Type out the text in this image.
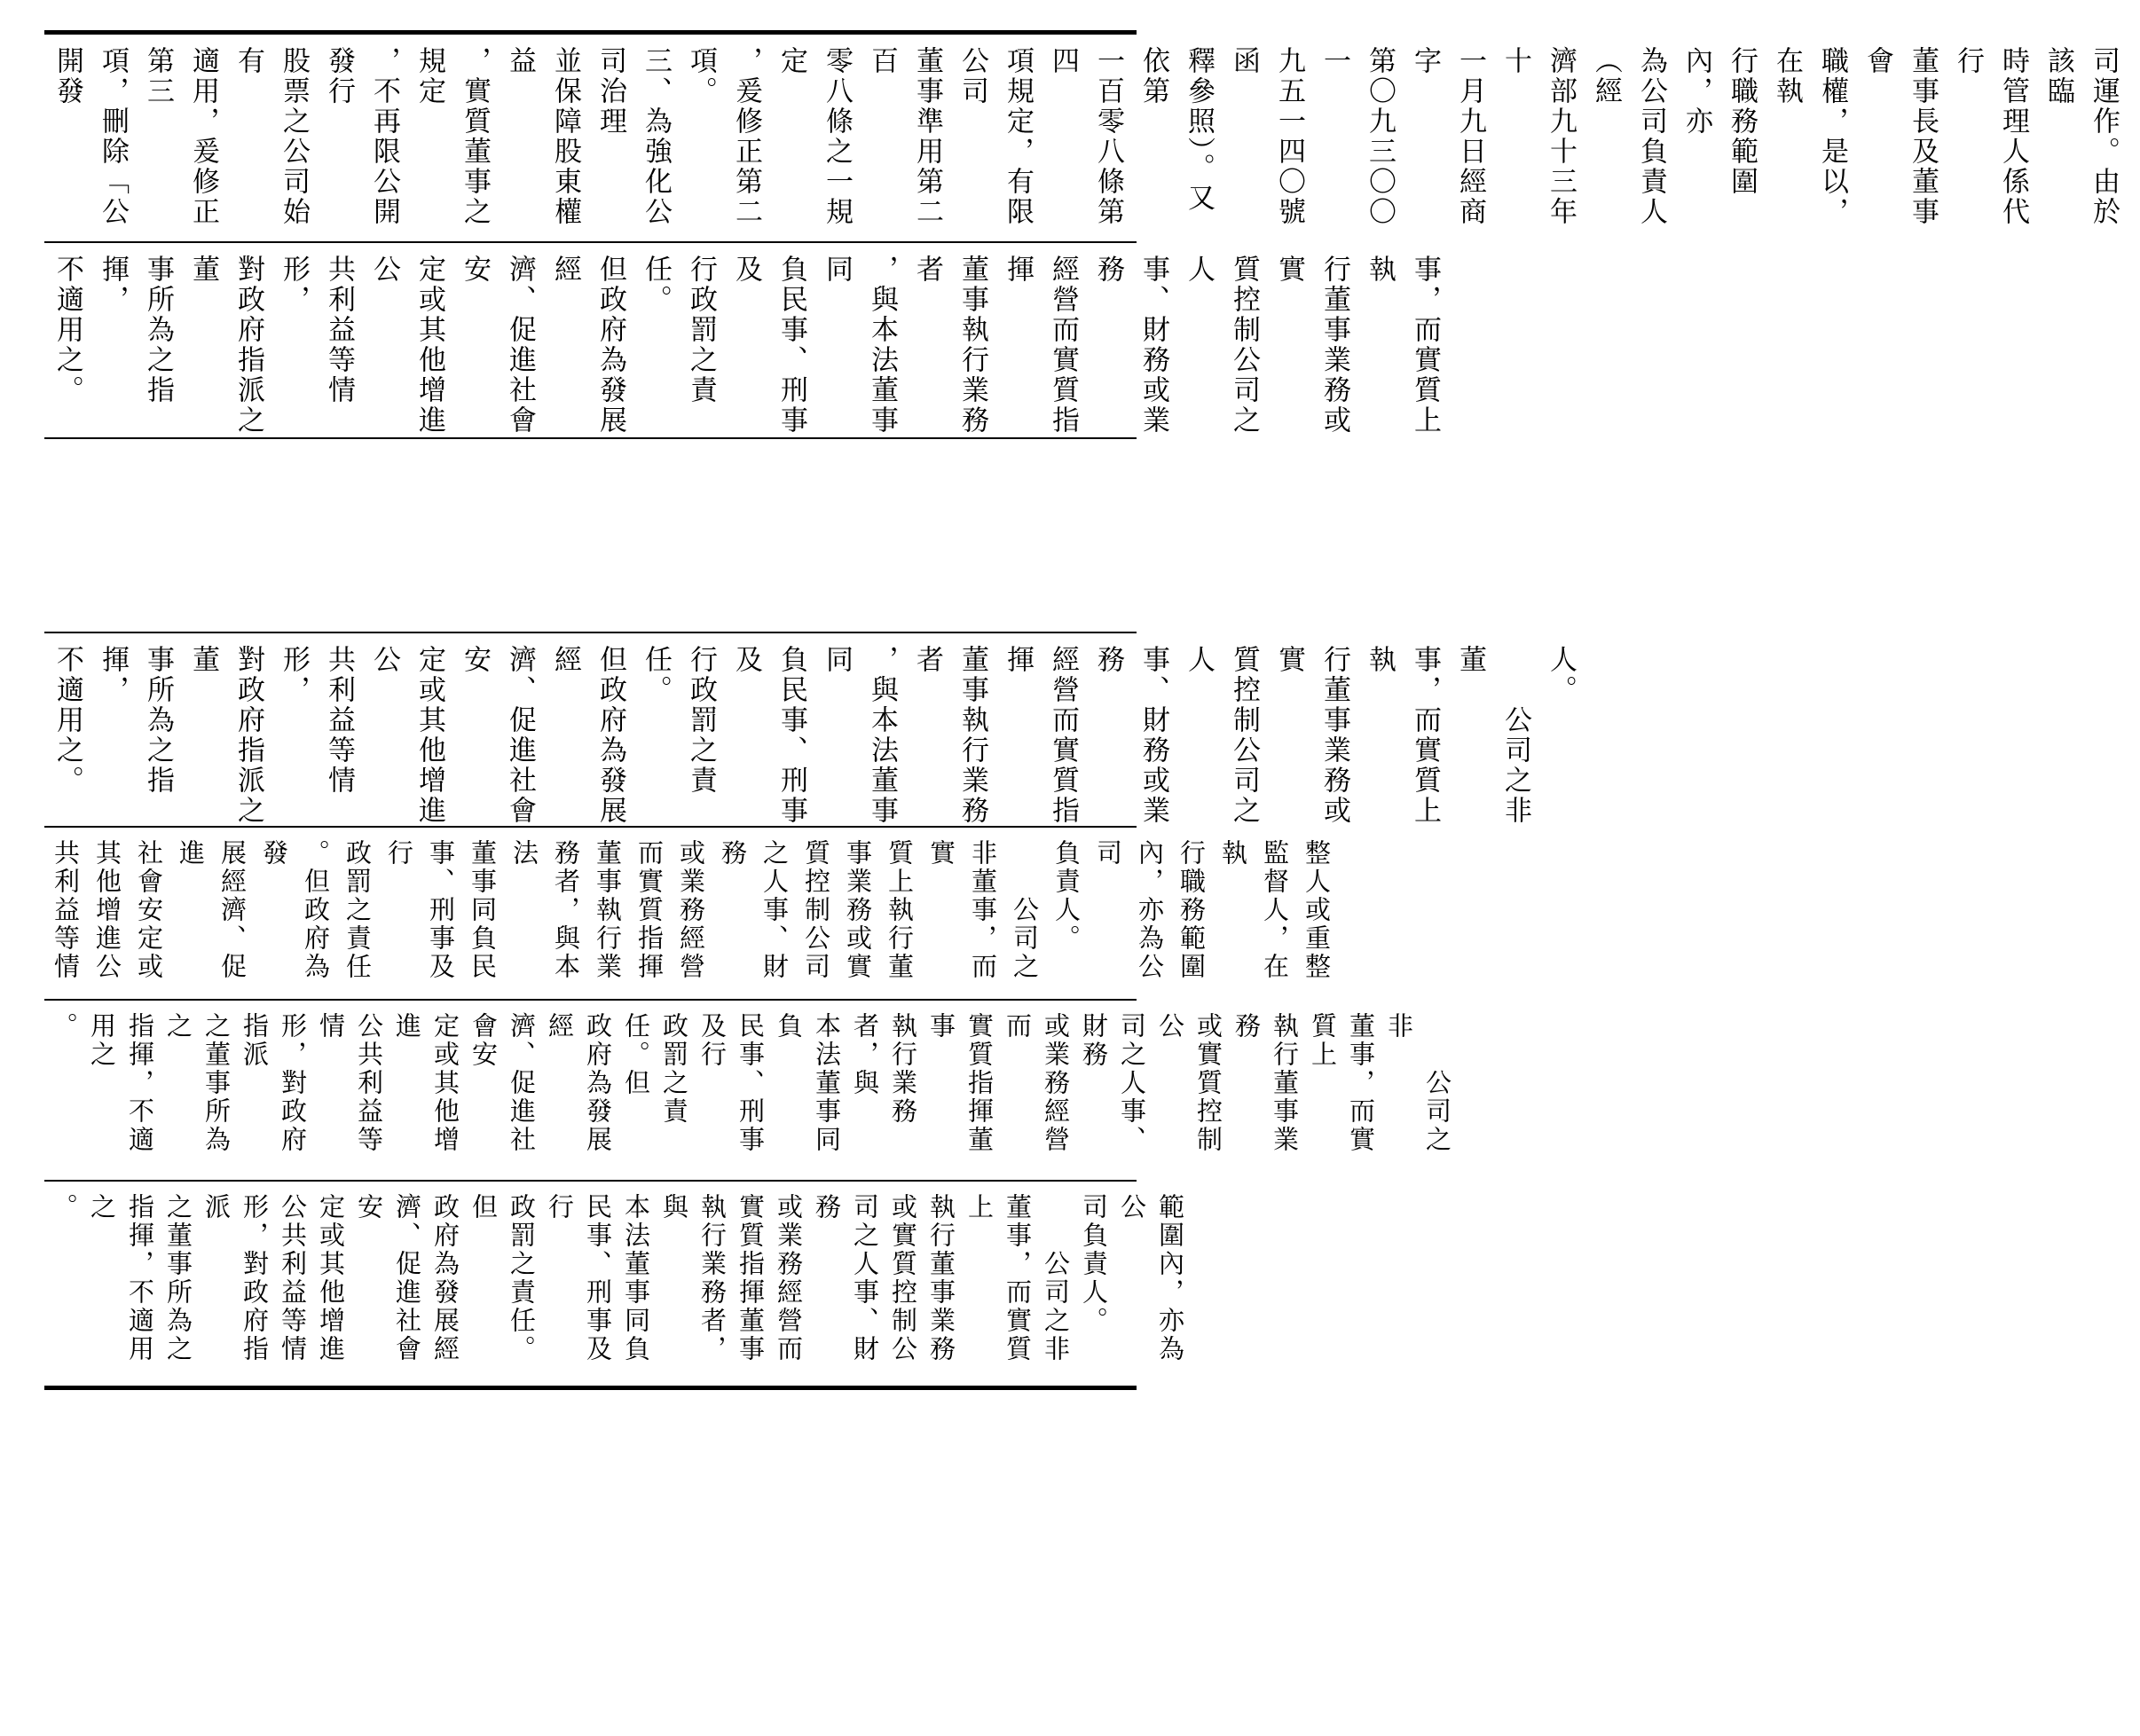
司運作。由於該臨
時管理人係代行
董事長及董事會
職權，是以，在執
行職務範圍內，亦
為公司負責人（經
濟部九十三年十
一月九日經商字
第〇九三〇〇一
九五一四〇號函
釋參照）。又依第
一百零八條第四
項規定，有限公司
董事準用第二百
零八條之一規定
，爰修正第二項。
三、為強化公司治理
並保障股東權益
，實質董事之規定
，不再限公開發行
股票之公司始有
適用，爰修正第三
項，刪除「公開發
事，而實質上執
行董事業務或實
質控制公司之人
事、財務或業務
經營而實質指揮
董事執行業務者
，與本法董事同
負民事、刑事及
行政罰之責任。
但政府為發展經
濟、促進社會安
定或其他增進公
共利益等情形，
對政府指派之董
事所為之指揮，
不適用之。
人。
　　公司之非董
事，而實質上執
行董事業務或實
質控制公司之人
事、財務或業務
經營而實質指揮
董事執行業務者
，與本法董事同
負民事、刑事及
行政罰之責任。
但政府為發展經
濟、促進社會安
定或其他增進公
共利益等情形，
對政府指派之董
事所為之指揮，
不適用之。
整人或重整
監督人，在執
行職務範圍
內，亦為公司
負責人。
　　公司之
非董事，而實
質上執行董
事業務或實
質控制公司
之人事、財務
或業務經營
而實質指揮
董事執行業
務者，與本法
董事同負民
事、刑事及行
政罰之責任
。但政府為發
展經濟、促進
社會安定或
其他增進公
共利益等情
　　公司之非
董事，而實質上
執行董事業務
或實質控制公
司之人事、財務
或業務經營而
實質指揮董事
執行業務者，與
本法董事同負
民事、刑事及行
政罰之責任。但
政府為發展經
濟、促進社會安
定或其他增進
公共利益等情
形，對政府指派
之董事所為之
指揮，不適用之
。
範圍內，亦為公
司負責人。
　　公司之非
董事，而實質上
執行董事業務
或實質控制公
司之人事、財務
或業務經營而
實質指揮董事
執行業務者，與
本法董事同負
民事、刑事及行
政罰之責任。但
政府為發展經
濟、促進社會安
定或其他增進
公共利益等情
形，對政府指派
之董事所為之
指揮，不適用之
。
